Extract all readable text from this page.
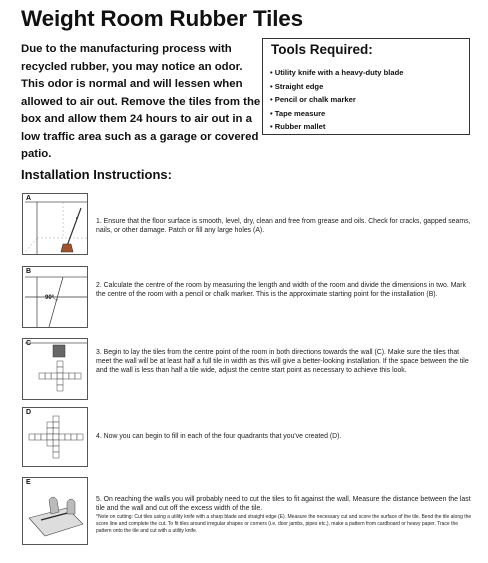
Weight Room Rubber Tiles
Due to the manufacturing process with recycled rubber, you may notice an odor. This odor is normal and will lessen when allowed to air out. Remove the tiles from the box and allow them 24 hours to air out in a low traffic area such as a garage or covered patio.
Tools Required:
• Utility knife with a heavy-duty blade
• Straight edge
• Pencil or chalk marker
• Tape measure
• Rubber mallet
Installation Instructions:
A
1. Ensure that the floor surface is smooth, level, dry, clean and free from grease and oils. Check for cracks, gapped seams, nails, or other damage. Patch or fill any large holes (A).
B
90°
2. Calculate the centre of the room by measuring the length and width of the room and divide the dimensions in two. Mark the centre of the room with a pencil or chalk marker. This is the approximate starting point for the installation (B).
C
3. Begin to lay the tiles from the centre point of the room in both directions towards the wall (C). Make sure the tiles that meet the wall will be at least half a full tile in width as this will give a better-looking installation. If the space between the tile and the wall is less than half a tile wide, adjust the centre start point as necessary to achieve this look.
D
4. Now you can begin to fill in each of the four quadrants that you've created (D).
E
5. On reaching the walls you will probably need to cut the tiles to fit against the wall. Measure the distance between the last tile and the wall and cut off the excess width of the tile.
*Note on cutting: Cut tiles using a utility knife with a sharp blade and straight edge (E). Measure the necessary cut and score the surface of the tile. Bend the tile along the score line and complete the cut. To fit tiles around irregular shapes or corners (i.e. door jambs, pipes etc.), make a pattern from cardboard or heavy paper. Trace the pattern onto the tile and cut with a utility knife.
